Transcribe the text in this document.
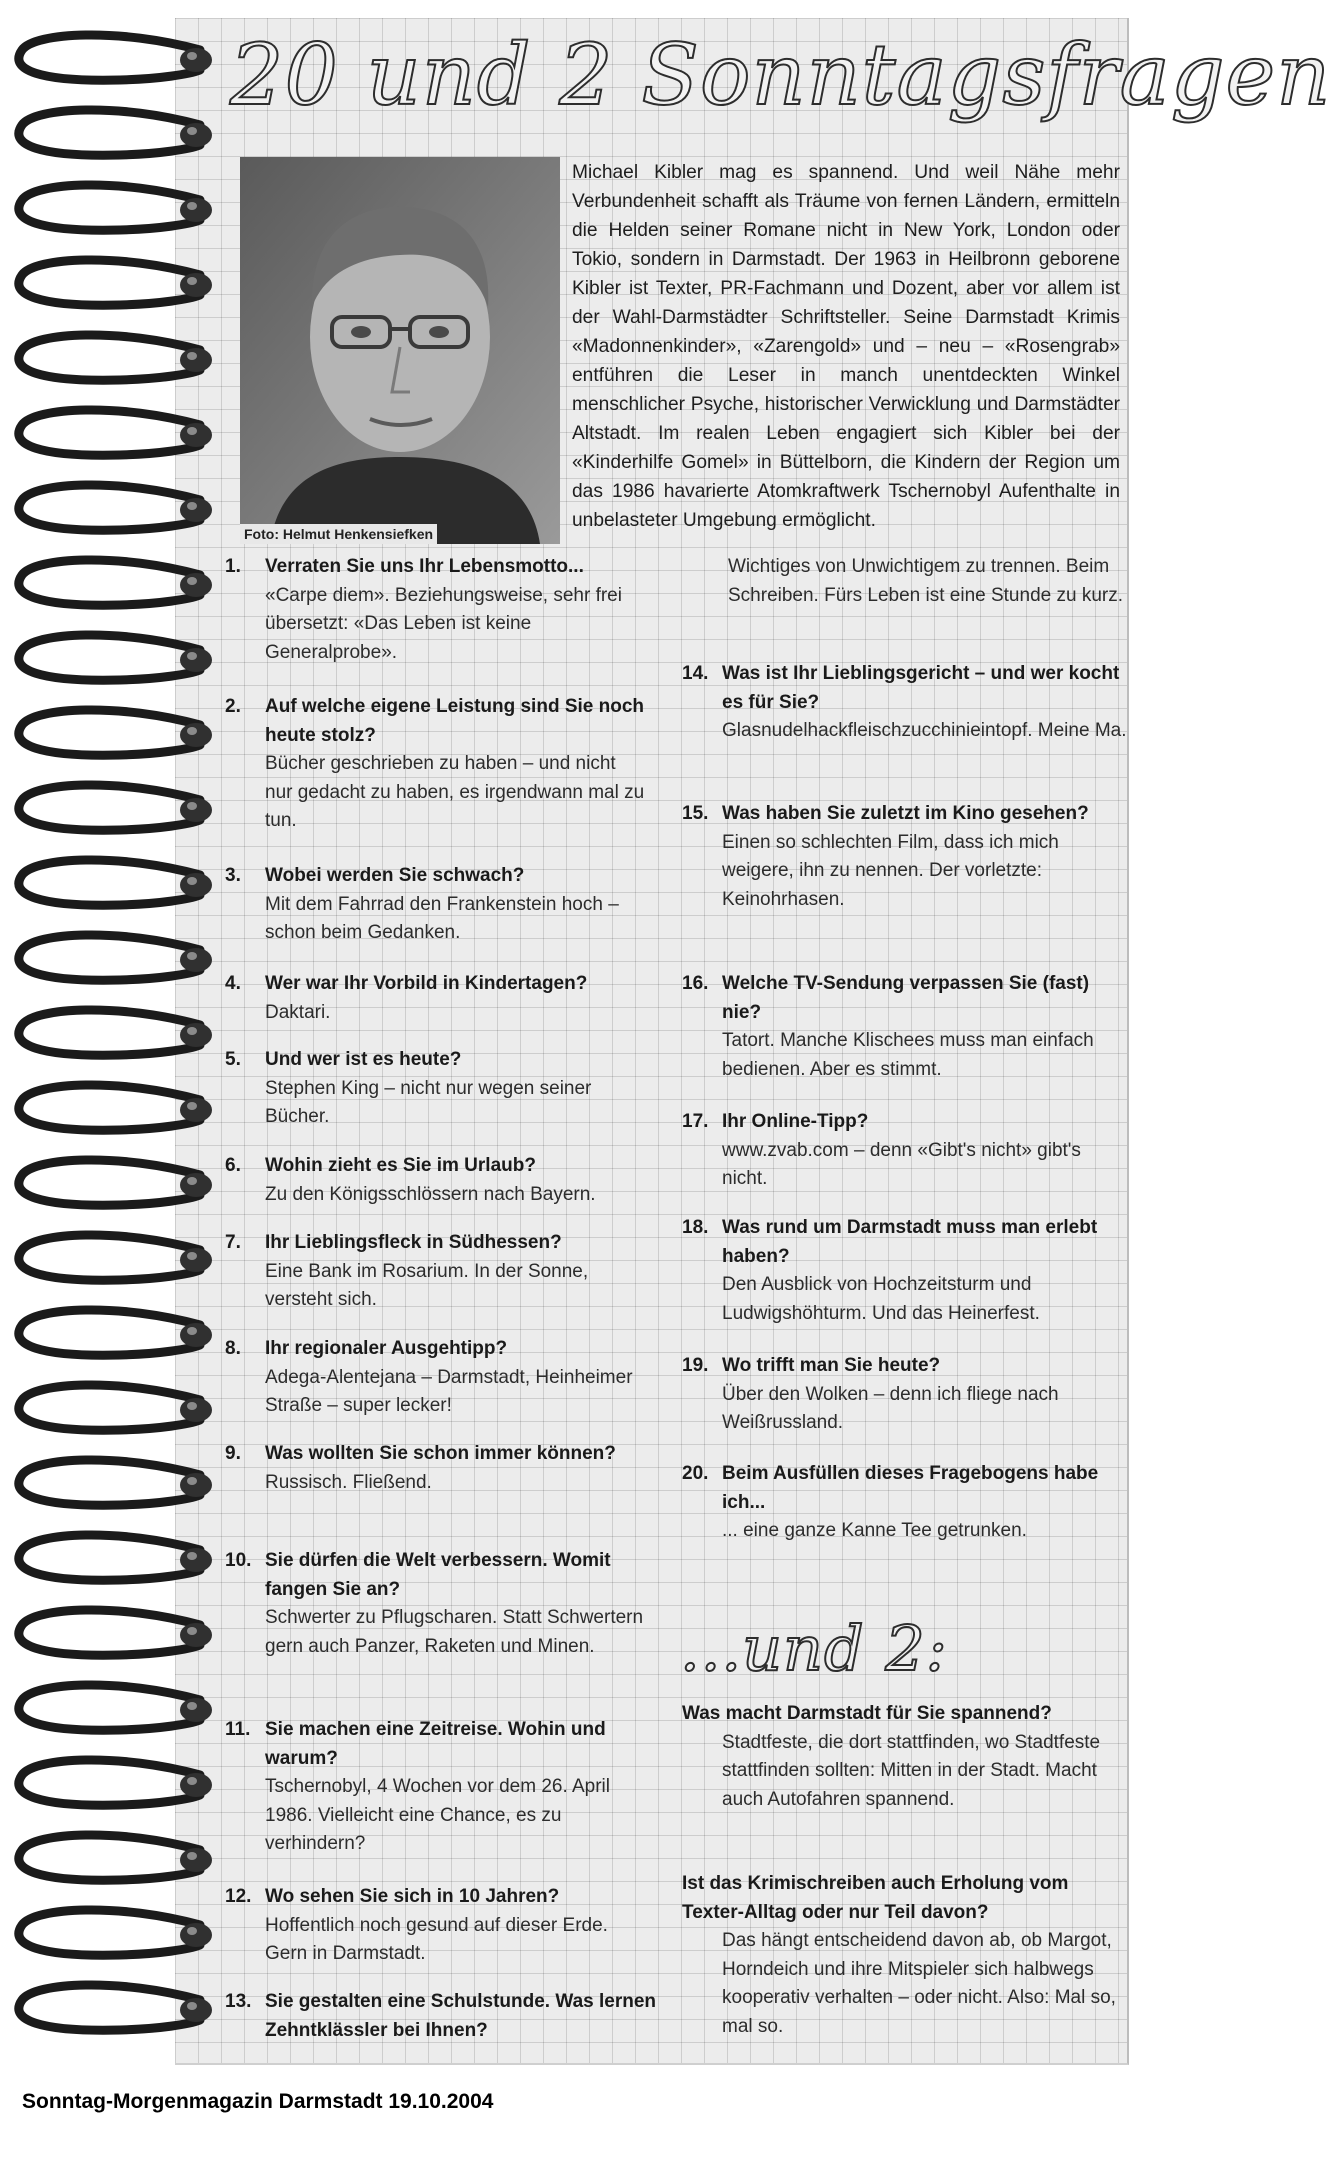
20 und 2 Sonntagsfragen
Foto: Helmut Henkensiefken

Michael Kibler mag es spannend. Und weil Nähe mehr Verbundenheit schafft als Träume von fernen Ländern, ermitteln die Helden seiner Romane nicht in New York, London oder Tokio, sondern in Darmstadt. Der 1963 in Heilbronn geborene Kibler ist Texter, PR-Fachmann und Dozent, aber vor allem ist der Wahl-Darmstädter Schriftsteller. Seine Darmstadt Krimis «Madonnenkinder», «Zarengold» und – neu – «Rosengrab» entführen die Leser in manch unentdeckten Winkel menschlicher Psyche, historischer Verwicklung und Darmstädter Altstadt. Im realen Leben engagiert sich Kibler bei der «Kinderhilfe Gomel» in Büttelborn, die Kindern der Region um das 1986 havarierte Atomkraftwerk Tschernobyl Aufenthalte in unbelasteter Umgebung ermöglicht.

1.	Verraten Sie uns Ihr Lebensmotto...
«Carpe diem». Beziehungsweise, sehr frei übersetzt: «Das Leben ist keine Generalprobe».
2.	Auf welche eigene Leistung sind Sie noch heute stolz?
Bücher geschrieben zu haben – und nicht nur gedacht zu haben, es irgendwann mal zu tun.
3.	Wobei werden Sie schwach?
Mit dem Fahrrad den Frankenstein hoch – schon beim Gedanken.
4.	Wer war Ihr Vorbild in Kindertagen?
Daktari.
5.	Und wer ist es heute?
Stephen King – nicht nur wegen seiner Bücher.
6.	Wohin zieht es Sie im Urlaub?
Zu den Königsschlössern nach Bayern.
7.	Ihr Lieblingsfleck in Südhessen?
Eine Bank im Rosarium. In der Sonne, versteht sich.
8.	Ihr regionaler Ausgehtipp?
Adega-Alentejana – Darmstadt, Heinheimer Straße – super lecker!
9.	Was wollten Sie schon immer können?
Russisch. Fließend.
10. Sie dürfen die Welt verbessern. Womit fangen Sie an?
Schwerter zu Pflugscharen. Statt Schwertern gern auch Panzer, Raketen und Minen.
11. Sie machen eine Zeitreise. Wohin und warum?
Tschernobyl, 4 Wochen vor dem 26. April 1986. Vielleicht eine Chance, es zu verhindern?
12. Wo sehen Sie sich in 10 Jahren?
Hoffentlich noch gesund auf dieser Erde. Gern in Darmstadt.
13. Sie gestalten eine Schulstunde. Was lernen Zehntklässler bei Ihnen?
Wichtiges von Unwichtigem zu trennen. Beim Schreiben. Fürs Leben ist eine Stunde zu kurz.
14. Was ist Ihr Lieblingsgericht – und wer kocht es für Sie?
Glasnudelhackfleischzucchinieintopf. Meine Ma.
15. Was haben Sie zuletzt im Kino gesehen?
Einen so schlechten Film, dass ich mich weigere, ihn zu nennen. Der vorletzte: Keinohrhasen.
16. Welche TV-Sendung verpassen Sie (fast) nie?
Tatort. Manche Klischees muss man einfach bedienen. Aber es stimmt.
17. Ihr Online-Tipp?
www.zvab.com – denn «Gibt's nicht» gibt's nicht.
18. Was rund um Darmstadt muss man erlebt haben?
Den Ausblick von Hochzeitsturm und Ludwigshöhturm. Und das Heinerfest.
19. Wo trifft man Sie heute?
Über den Wolken – denn ich fliege nach Weißrussland.
20. Beim Ausfüllen dieses Fragebogens habe ich...
... eine ganze Kanne Tee getrunken.
...und 2:
Was macht Darmstadt für Sie spannend?
Stadtfeste, die dort stattfinden, wo Stadtfeste stattfinden sollten: Mitten in der Stadt. Macht auch Autofahren spannend.
Ist das Krimischreiben auch Erholung vom Texter-Alltag oder nur Teil davon?
Das hängt entscheidend davon ab, ob Margot, Horndeich und ihre Mitspieler sich halbwegs kooperativ verhalten – oder nicht. Also: Mal so, mal so.

Sonntag-Morgenmagazin Darmstadt 19.10.2004
